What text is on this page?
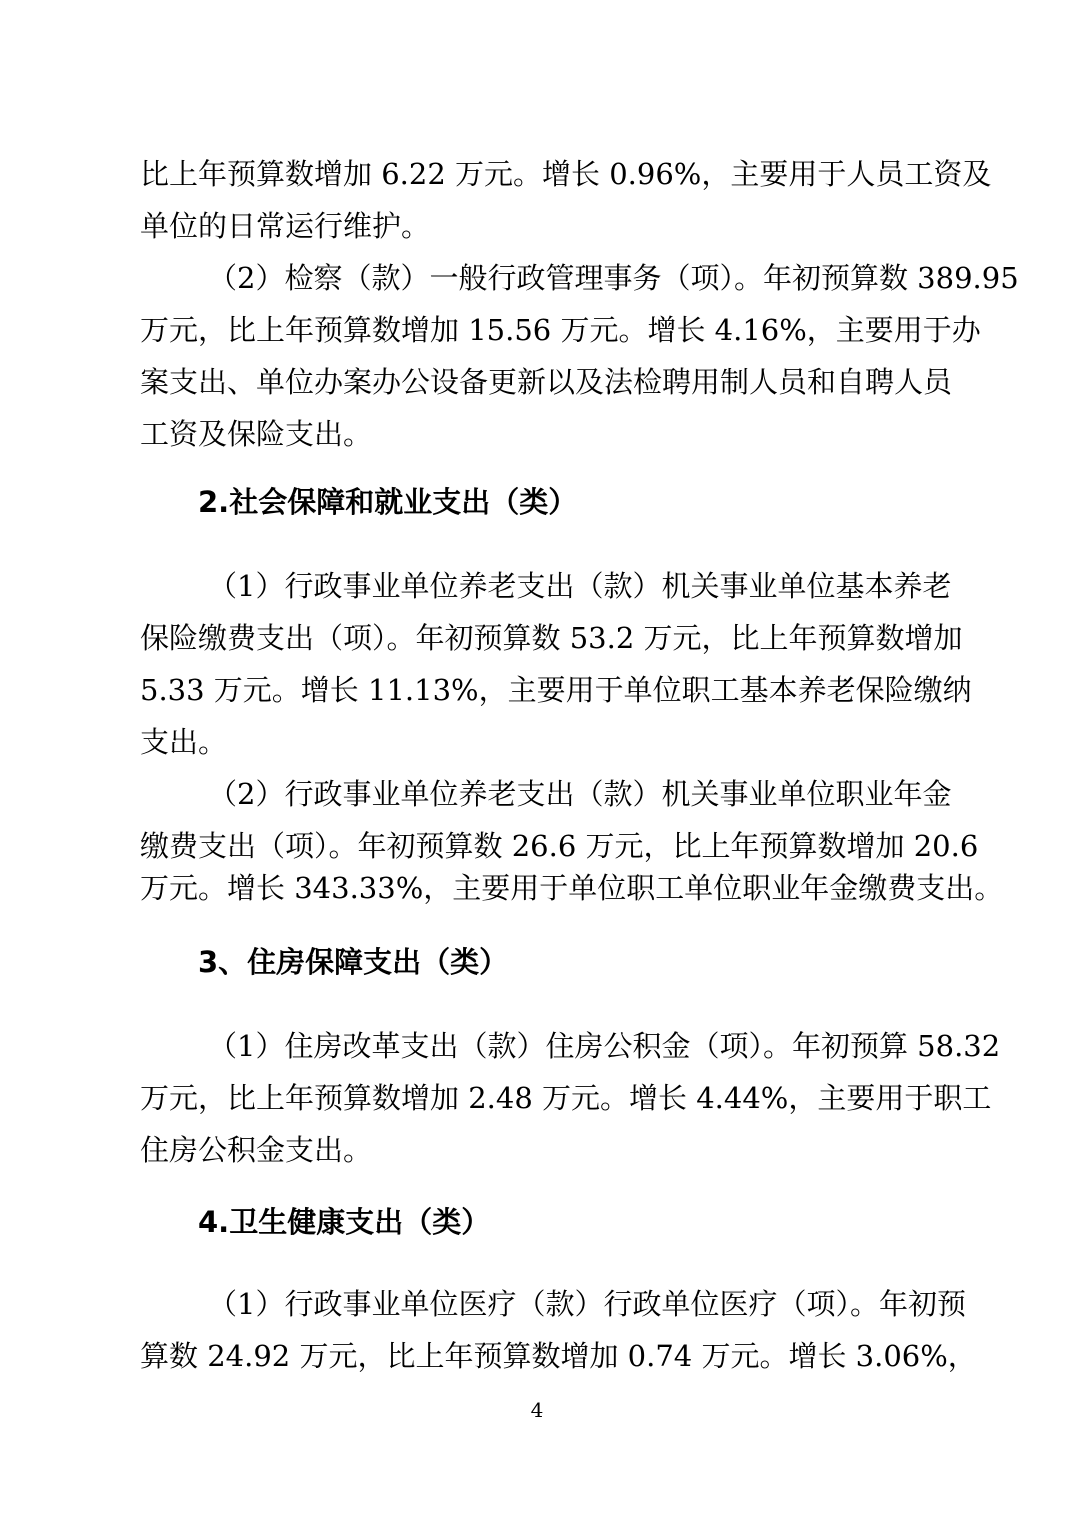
比上年预算数增加 6.22 万元。增长 0.96%，主要用于人员工资及
单位的日常运行维护。
（2）检察（款）一般行政管理事务（项）。年初预算数 389.95
万元，比上年预算数增加 15.56 万元。增长 4.16%，主要用于办
案支出、单位办案办公设备更新以及法检聘用制人员和自聘人员
工资及保险支出。
2.社会保障和就业支出（类）
（1）行政事业单位养老支出（款）机关事业单位基本养老
保险缴费支出（项）。年初预算数 53.2 万元，比上年预算数增加
5.33 万元。增长 11.13%，主要用于单位职工基本养老保险缴纳
支出。
（2）行政事业单位养老支出（款）机关事业单位职业年金
缴费支出（项）。年初预算数 26.6 万元，比上年预算数增加 20.6
万元。增长 343.33%，主要用于单位职工单位职业年金缴费支出。
3、住房保障支出（类）
（1）住房改革支出（款）住房公积金（项）。年初预算 58.32
万元，比上年预算数增加 2.48 万元。增长 4.44%，主要用于职工
住房公积金支出。
4.卫生健康支出（类）
（1）行政事业单位医疗（款）行政单位医疗（项）。年初预
算数 24.92 万元，比上年预算数增加 0.74 万元。增长 3.06%，
4
